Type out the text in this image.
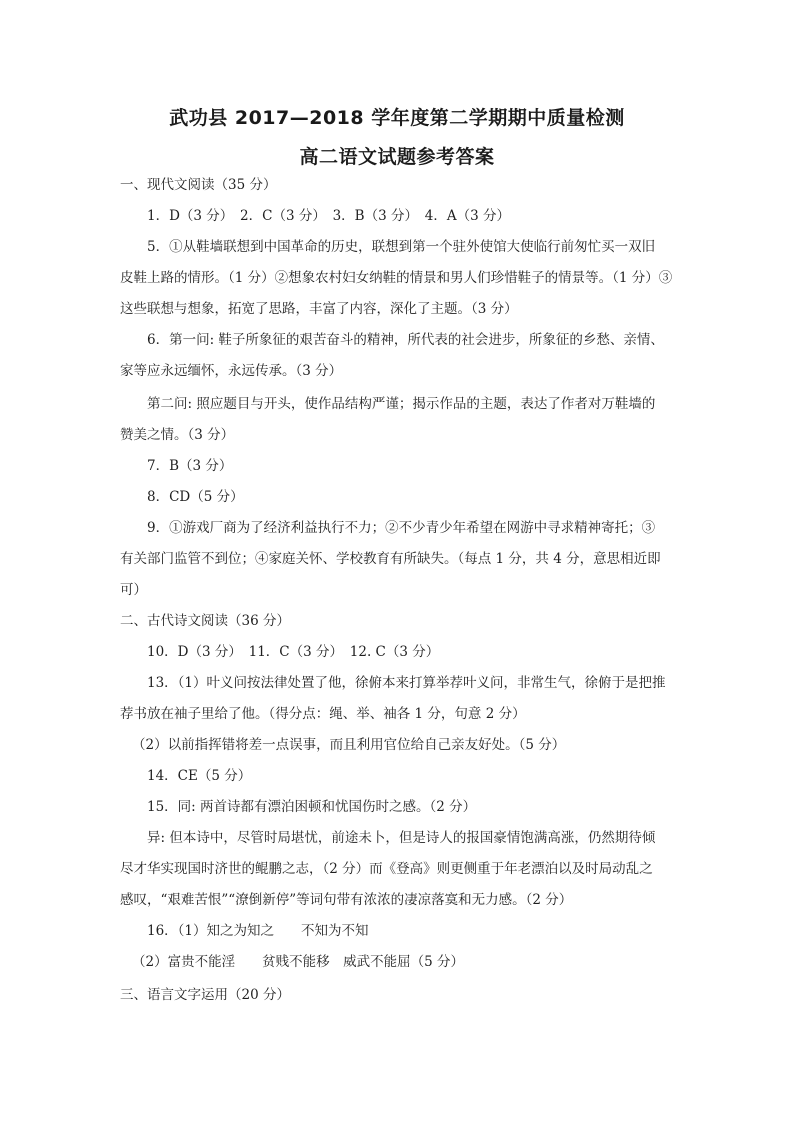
武功县 2017—2018 学年度第二学期期中质量检测
高二语文试题参考答案
一、现代文阅读（35 分）
1．D（3 分）　2．C（3 分）　3．B（3 分）　4．A（3 分）
5．①从鞋墙联想到中国革命的历史，联想到第一个驻外使馆大使临行前匆忙买一双旧
皮鞋上路的情形。（1 分）②想象农村妇女纳鞋的情景和男人们珍惜鞋子的情景等。（1 分）③
这些联想与想象，拓宽了思路，丰富了内容，深化了主题。（3 分）
6．第一问: 鞋子所象征的艰苦奋斗的精神，所代表的社会进步，所象征的乡愁、亲情、
家等应永远缅怀，永远传承。（3 分）
第二问: 照应题目与开头，使作品结构严谨；揭示作品的主题，表达了作者对万鞋墙的
赞美之情。（3 分）
7．B（3 分）
8．CD（5 分）
9．①游戏厂商为了经济利益执行不力；②不少青少年希望在网游中寻求精神寄托；③
有关部门监管不到位；④家庭关怀、学校教育有所缺失。（每点 1 分，共 4 分，意思相近即
可）
二、古代诗文阅读（36 分）
10．D（3 分）　11．C（3 分）　12. C（3 分）
13．（1）叶义问按法律处置了他，徐俯本来打算举荐叶义问，非常生气，徐俯于是把推
荐书放在袖子里给了他。（得分点：绳、举、袖各 1 分，句意 2 分）
（2）以前指挥错将差一点误事，而且利用官位给自己亲友好处。（5 分）
14．CE（5 分）
15．同: 两首诗都有漂泊困顿和忧国伤时之感。（2 分）
异: 但本诗中，尽管时局堪忧，前途未卜，但是诗人的报国豪情饱满高涨，仍然期待倾
尽才华实现国时济世的鲲鹏之志，（2 分）而《登高》则更侧重于年老漂泊以及时局动乱之
感叹，“艰难苦恨”“潦倒新停”等词句带有浓浓的凄凉落寞和无力感。（2 分）
16．（1）知之为知之　　不知为不知
（2）富贵不能淫　　贫贱不能移　威武不能屈（5 分）
三、语言文字运用（20 分）
